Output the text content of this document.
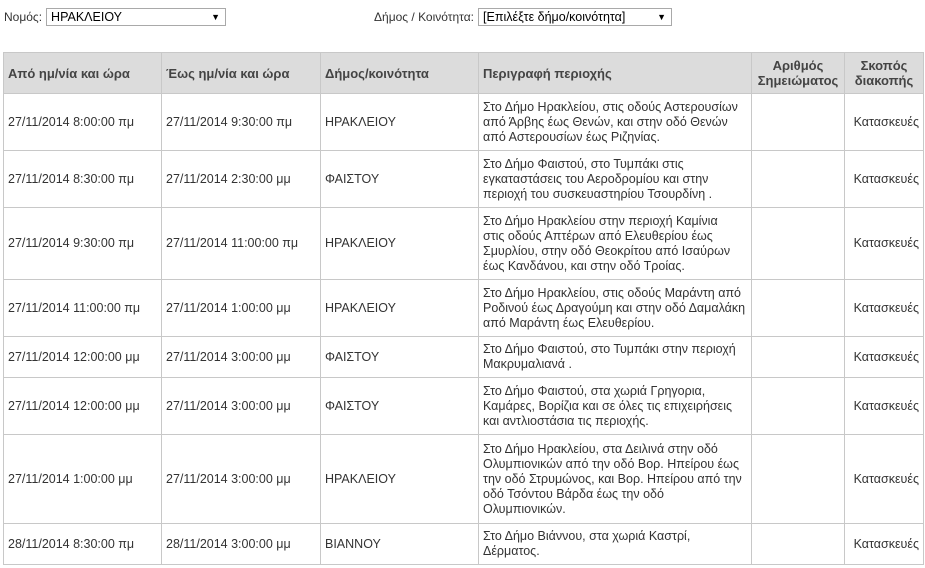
Νομός: ΗΡΑΚΛΕΙΟΥ	▼	Δήμος / Κοινότητα: [Επιλέξτε δήμο/κοινότητα]	▼
Από ημ/νία και ώρα	Έως ημ/νία και ώρα	Δήμος/κοινότητα	Περιγραφή περιοχής	Αριθμός Σημειώματος	Σκοπός διακοπής
27/11/2014 8:00:00 πμ	27/11/2014 9:30:00 πμ	ΗΡΑΚΛΕΙΟΥ	Στο Δήμο Ηρακλείου, στις οδούς Αστερουσίων
από Άρβης έως Θενών, και στην οδό Θενών
από Αστερουσίων έως Ριζηνίας.		Κατασκευές
27/11/2014 8:30:00 πμ	27/11/2014 2:30:00 μμ	ΦΑΙΣΤΟΥ	Στο Δήμο Φαιστού, στο Τυμπάκι στις
εγκαταστάσεις του Αεροδρομίου και στην
περιοχή του συσκευαστηρίου Τσουρδίνη .		Κατασκευές
27/11/2014 9:30:00 πμ	27/11/2014 11:00:00 πμ	ΗΡΑΚΛΕΙΟΥ	Στο Δήμο Ηρακλείου στην περιοχή Καμίνια
στις οδούς Απτέρων από Ελευθερίου έως
Σμυρλίου, στην οδό Θεοκρίτου από Ισαύρων
έως Κανδάνου, και στην οδό Τροίας.		Κατασκευές
27/11/2014 11:00:00 πμ	27/11/2014 1:00:00 μμ	ΗΡΑΚΛΕΙΟΥ	Στο Δήμο Ηρακλείου, στις οδούς Μαράντη από
Ροδινού έως Δραγούμη και στην οδό Δαμαλάκη
από Μαράντη έως Ελευθερίου.		Κατασκευές
27/11/2014 12:00:00 μμ	27/11/2014 3:00:00 μμ	ΦΑΙΣΤΟΥ	Στο Δήμο Φαιστού, στο Τυμπάκι στην περιοχή
Μακρυμαλιανά .		Κατασκευές
27/11/2014 12:00:00 μμ	27/11/2014 3:00:00 μμ	ΦΑΙΣΤΟΥ	Στο Δήμο Φαιστού, στα χωριά Γρηγορια,
Καμάρες, Βορίζια και σε όλες τις επιχειρήσεις
και αντλιοστάσια τις περιοχής.		Κατασκευές
27/11/2014 1:00:00 μμ	27/11/2014 3:00:00 μμ	ΗΡΑΚΛΕΙΟΥ	Στο Δήμο Ηρακλείου, στα Δειλινά στην οδό
Ολυμπιονικών από την οδό Βορ. Ηπείρου έως
την οδό Στρυμώνος, και Βορ. Ηπείρου από την
οδό Τσόντου Βάρδα έως την οδό
Ολυμπιονικών.		Κατασκευές
28/11/2014 8:30:00 πμ	28/11/2014 3:00:00 μμ	ΒΙΑΝΝΟΥ	Στο Δήμο Βιάννου, στα χωριά Καστρί,
Δέρματος.		Κατασκευές
